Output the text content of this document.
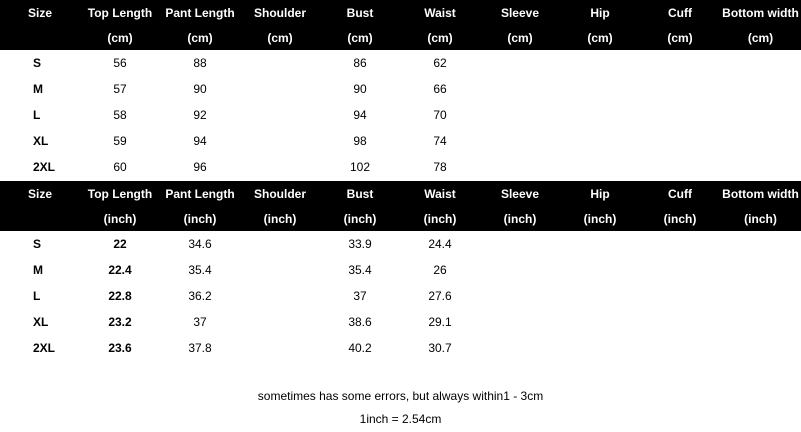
Size	Top Length	Pant Length	Shoulder	Bust	Waist	Sleeve	Hip	Cuff	Bottom width
	(cm)	(cm)	(cm)	(cm)	(cm)	(cm)	(cm)	(cm)	(cm)
S	56	88		86	62				
M	57	90		90	66				
L	58	92		94	70				
XL	59	94		98	74				
2XL	60	96		102	78				
Size	Top Length	Pant Length	Shoulder	Bust	Waist	Sleeve	Hip	Cuff	Bottom width
	(inch)	(inch)	(inch)	(inch)	(inch)	(inch)	(inch)	(inch)	(inch)
S	22	34.6		33.9	24.4				
M	22.4	35.4		35.4	26				
L	22.8	36.2		37	27.6				
XL	23.2	37		38.6	29.1				
2XL	23.6	37.8		40.2	30.7				
sometimes has some errors, but always within1 - 3cm
1inch = 2.54cm
